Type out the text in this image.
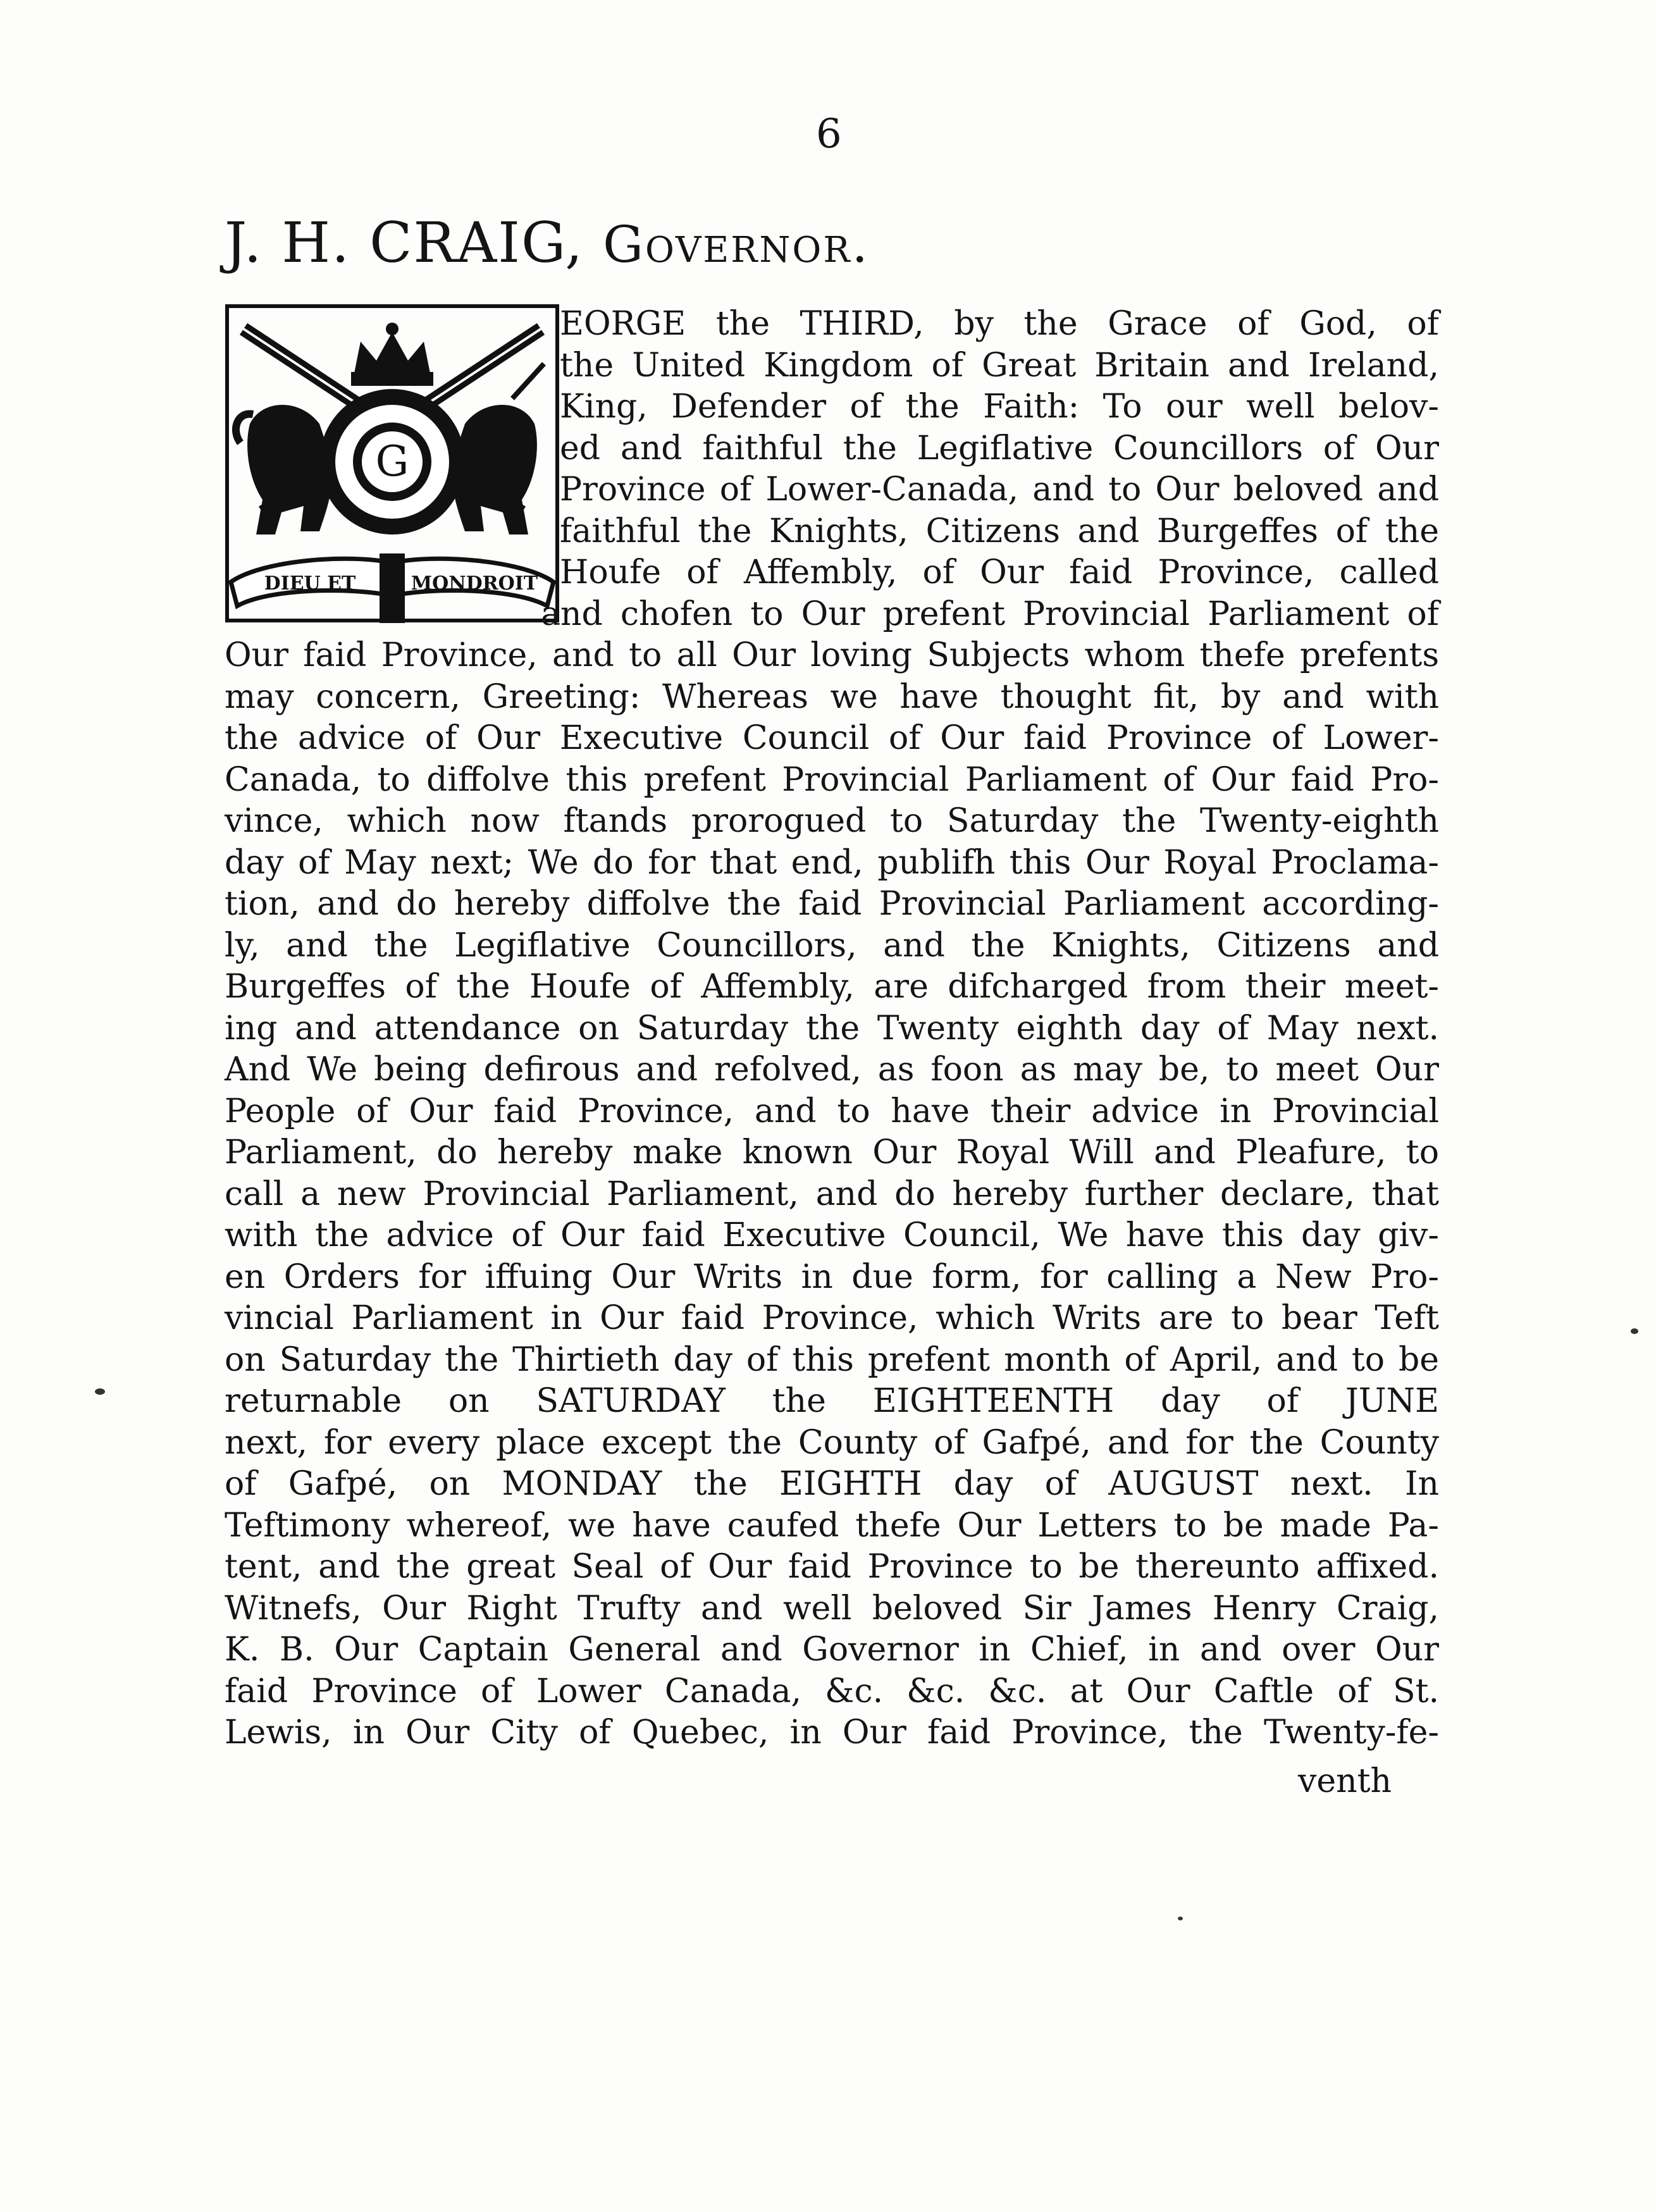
6
J. H. CRAIG, Governor.
G
DIEU ET	MONDROIT
EORGE the THIRD, by the Grace of God, of
the United Kingdom of Great Britain and Ireland,
King, Defender of the Faith: To our well belov-
ed and faithful the Legiflative Councillors of Our
Province of Lower-Canada, and to Our beloved and
faithful the Knights, Citizens and Burgeffes of the
Houfe of Affembly, of Our faid Province, called
and chofen to Our prefent Provincial Parliament of
Our faid Province, and to all Our loving Subjects whom thefe prefents
may concern, Greeting: Whereas we have thought fit, by and with
the advice of Our Executive Council of Our faid Province of Lower-
Canada, to diffolve this prefent Provincial Parliament of Our faid Pro-
vince, which now ftands prorogued to Saturday the Twenty-eighth
day of May next; We do for that end, publifh this Our Royal Proclama-
tion, and do hereby diffolve the faid Provincial Parliament according-
ly, and the Legiflative Councillors, and the Knights, Citizens and
Burgeffes of the Houfe of Affembly, are difcharged from their meet-
ing and attendance on Saturday the Twenty eighth day of May next.
And We being defirous and refolved, as foon as may be, to meet Our
People of Our faid Province, and to have their advice in Provincial
Parliament, do hereby make known Our Royal Will and Pleafure, to
call a new Provincial Parliament, and do hereby further declare, that
with the advice of Our faid Executive Council, We have this day giv-
en Orders for iffuing Our Writs in due form, for calling a New Pro-
vincial Parliament in Our faid Province, which Writs are to bear Teft
on Saturday the Thirtieth day of this prefent month of April, and to be
returnable on SATURDAY the EIGHTEENTH day of JUNE
next, for every place except the County of Gafpé, and for the County
of Gafpé, on MONDAY the EIGHTH day of AUGUST next. In
Teftimony whereof, we have caufed thefe Our Letters to be made Pa-
tent, and the great Seal of Our faid Province to be thereunto affixed.
Witnefs, Our Right Trufty and well beloved Sir James Henry Craig,
K. B. Our Captain General and Governor in Chief, in and over Our
faid Province of Lower Canada, &c. &c. &c. at Our Caftle of St.
Lewis, in Our City of Quebec, in Our faid Province, the Twenty-fe-
venth
